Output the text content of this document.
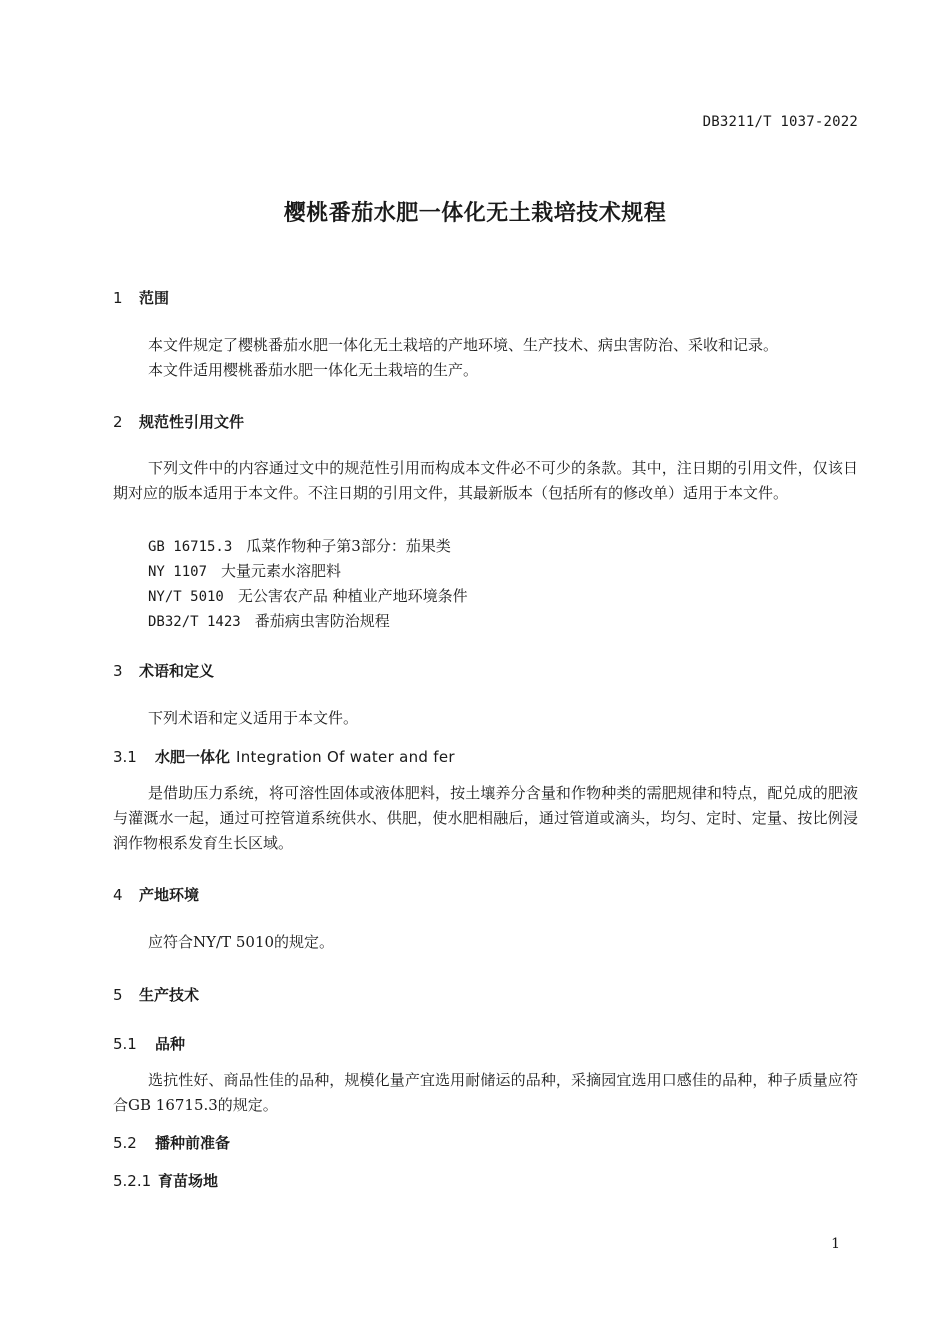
DB3211/T 1037-2022
樱桃番茄水肥一体化无土栽培技术规程
1 范围
本文件规定了樱桃番茄水肥一体化无土栽培的产地环境、生产技术、病虫害防治、采收和记录。
本文件适用樱桃番茄水肥一体化无土栽培的生产。
2 规范性引用文件
下列文件中的内容通过文中的规范性引用而构成本文件必不可少的条款。其中，注日期的引用文件，仅该日期对应的版本适用于本文件。不注日期的引用文件，其最新版本（包括所有的修改单）适用于本文件。
GB 16715.3 瓜菜作物种子第3部分：茄果类
NY 1107 大量元素水溶肥料
NY/T 5010 无公害农产品 种植业产地环境条件
DB32/T 1423 番茄病虫害防治规程
3 术语和定义
下列术语和定义适用于本文件。
3.1 水肥一体化 Integration Of water and fer
是借助压力系统，将可溶性固体或液体肥料，按土壤养分含量和作物种类的需肥规律和特点，配兑成的肥液与灌溉水一起，通过可控管道系统供水、供肥，使水肥相融后，通过管道或滴头，均匀、定时、定量、按比例浸润作物根系发育生长区域。
4 产地环境
应符合NY/T 5010的规定。
5 生产技术
5.1 品种
选抗性好、商品性佳的品种，规模化量产宜选用耐储运的品种，采摘园宜选用口感佳的品种，种子质量应符合GB 16715.3的规定。
5.2 播种前准备
5.2.1 育苗场地
1
